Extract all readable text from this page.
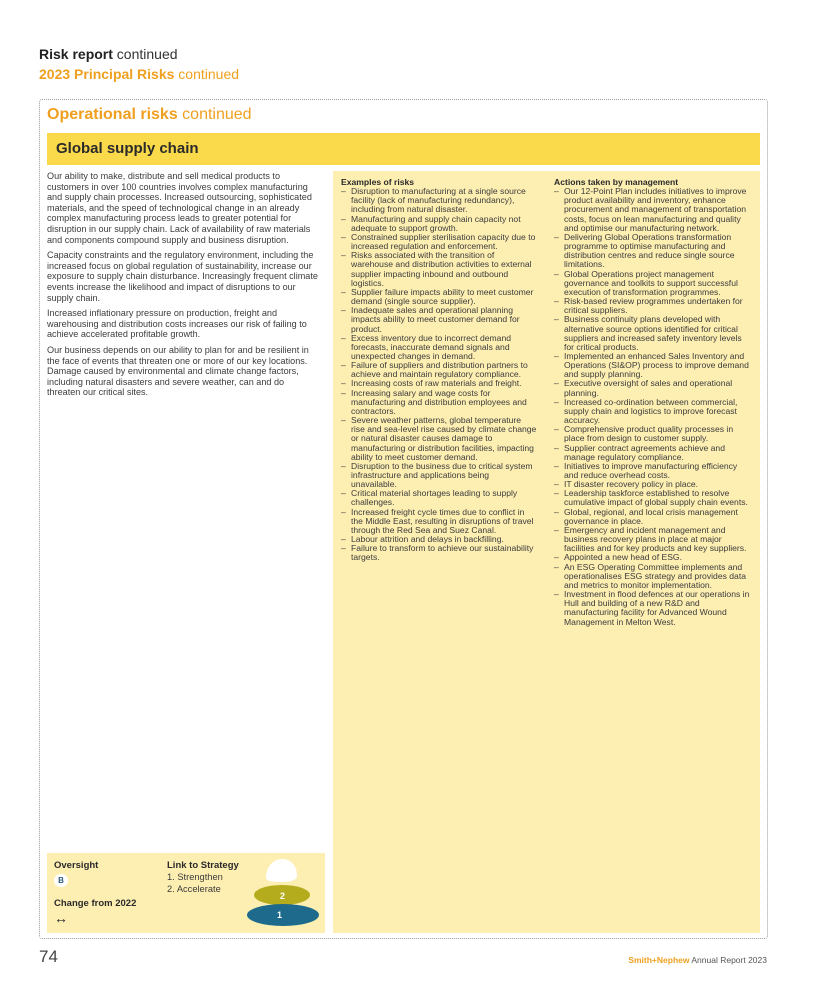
Risk report continued
2023 Principal Risks continued
Operational risks continued
Global supply chain

Our ability to make, distribute and sell medical products to customers in over 100 countries involves complex manufacturing and supply chain processes. Increased outsourcing, sophisticated materials, and the speed of technological change in an already complex manufacturing process leads to greater potential for disruption in our supply chain. Lack of availability of raw materials and components compound supply and business disruption.

Capacity constraints and the regulatory environment, including the increased focus on global regulation of sustainability, increase our exposure to supply chain disturbance. Increasingly frequent climate events increase the likelihood and impact of disruptions to our supply chain.

Increased inflationary pressure on production, freight and warehousing and distribution costs increases our risk of failing to achieve accelerated profitable growth.

Our business depends on our ability to plan for and be resilient in the face of events that threaten one or more of our key locations. Damage caused by environmental and climate change factors, including natural disasters and severe weather, can and do threaten our critical sites.

Examples of risks
– Disruption to manufacturing at a single source facility (lack of manufacturing redundancy), including from natural disaster.
– Manufacturing and supply chain capacity not adequate to support growth.
– Constrained supplier sterilisation capacity due to increased regulation and enforcement.
– Risks associated with the transition of warehouse and distribution activities to external supplier impacting inbound and outbound logistics.
– Supplier failure impacts ability to meet customer demand (single source supplier).
– Inadequate sales and operational planning impacts ability to meet customer demand for product.
– Excess inventory due to incorrect demand forecasts, inaccurate demand signals and unexpected changes in demand.
– Failure of suppliers and distribution partners to achieve and maintain regulatory compliance.
– Increasing costs of raw materials and freight.
– Increasing salary and wage costs for manufacturing and distribution employees and contractors.
– Severe weather patterns, global temperature rise and sea-level rise caused by climate change or natural disaster causes damage to manufacturing or distribution facilities, impacting ability to meet customer demand.
– Disruption to the business due to critical system infrastructure and applications being unavailable.
– Critical material shortages leading to supply challenges.
– Increased freight cycle times due to conflict in the Middle East, resulting in disruptions of travel through the Red Sea and Suez Canal.
– Labour attrition and delays in backfilling.
– Failure to transform to achieve our sustainability targets.
Actions taken by management
– Our 12-Point Plan includes initiatives to improve product availability and inventory, enhance procurement and management of transportation costs, focus on lean manufacturing and quality and optimise our manufacturing network.
– Delivering Global Operations transformation programme to optimise manufacturing and distribution centres and reduce single source limitations.
– Global Operations project management governance and toolkits to support successful execution of transformation programmes.
– Risk-based review programmes undertaken for critical suppliers.
– Business continuity plans developed with alternative source options identified for critical suppliers and increased safety inventory levels for critical products.
– Implemented an enhanced Sales Inventory and Operations (SI&OP) process to improve demand and supply planning.
– Executive oversight of sales and operational planning.
– Increased co-ordination between commercial, supply chain and logistics to improve forecast accuracy.
– Comprehensive product quality processes in place from design to customer supply.
– Supplier contract agreements achieve and manage regulatory compliance.
– Initiatives to improve manufacturing efficiency and reduce overhead costs.
– IT disaster recovery policy in place.
– Leadership taskforce established to resolve cumulative impact of global supply chain events.
– Global, regional, and local crisis management governance in place.
– Emergency and incident management and business recovery plans in place at major facilities and for key products and key suppliers.
– Appointed a new head of ESG.
– An ESG Operating Committee implements and operationalises ESG strategy and provides data and metrics to monitor implementation.
– Investment in flood defences at our operations in Hull and building of a new R&D and manufacturing facility for Advanced Wound Management in Melton West.
Oversight
B
Change from 2022
↔
Link to Strategy
1. Strengthen
2. Accelerate
2
1
74	Smith+Nephew Annual Report 2023
